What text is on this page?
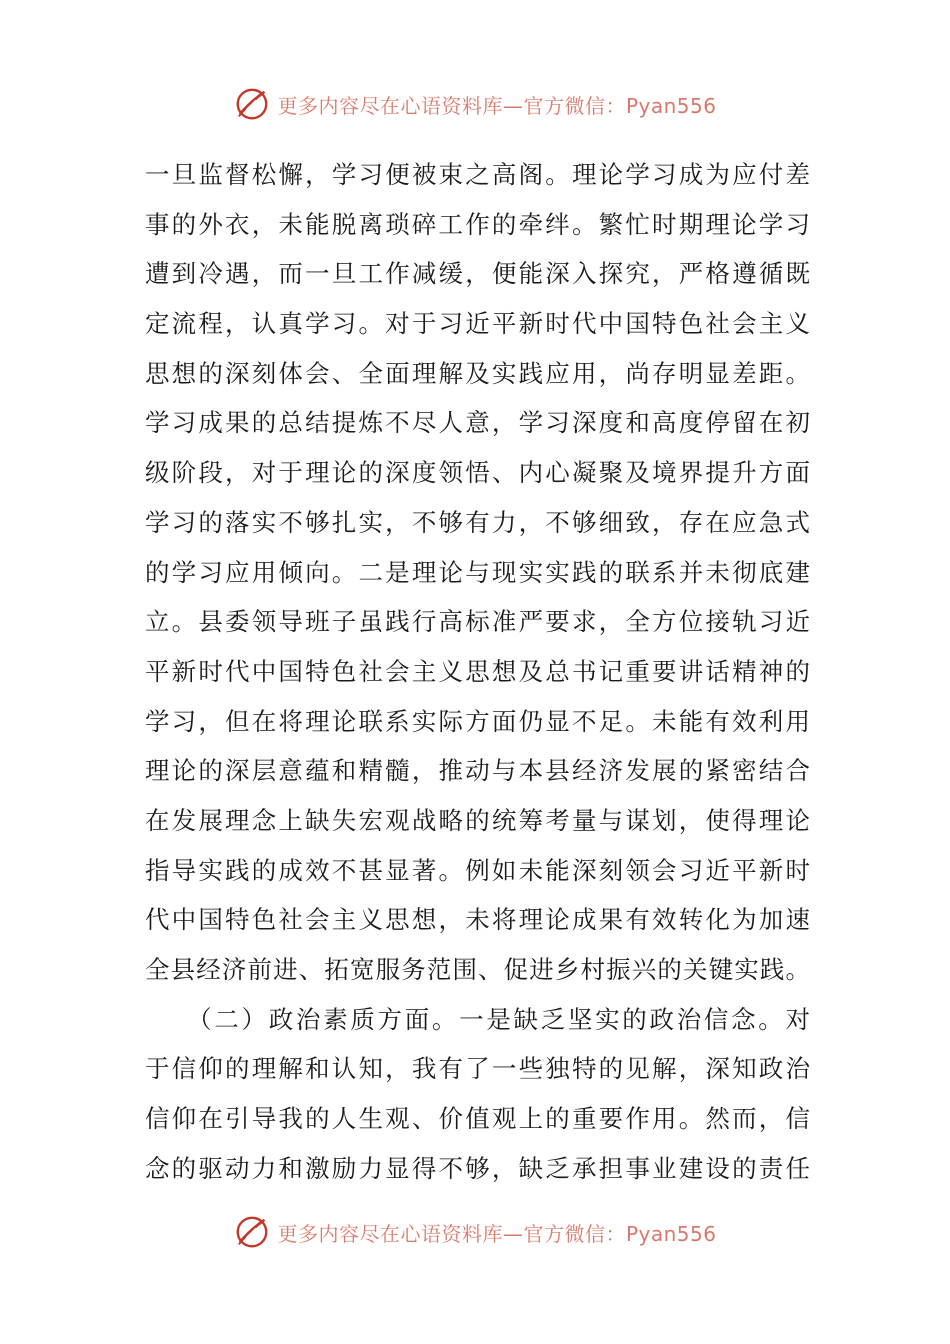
更多内容尽在心语资料库—官方微信：Pyan556
一旦监督松懈，学习便被束之高阁。理论学习成为应付差
事的外衣，未能脱离琐碎工作的牵绊。繁忙时期理论学习
遭到冷遇，而一旦工作减缓，便能深入探究，严格遵循既
定流程，认真学习。对于习近平新时代中国特色社会主义
思想的深刻体会、全面理解及实践应用，尚存明显差距。
学习成果的总结提炼不尽人意，学习深度和高度停留在初
级阶段，对于理论的深度领悟、内心凝聚及境界提升方面
学习的落实不够扎实，不够有力，不够细致，存在应急式
的学习应用倾向。二是理论与现实实践的联系并未彻底建
立。县委领导班子虽践行高标准严要求，全方位接轨习近
平新时代中国特色社会主义思想及总书记重要讲话精神的
学习，但在将理论联系实际方面仍显不足。未能有效利用
理论的深层意蕴和精髓，推动与本县经济发展的紧密结合
在发展理念上缺失宏观战略的统筹考量与谋划，使得理论
指导实践的成效不甚显著。例如未能深刻领会习近平新时
代中国特色社会主义思想，未将理论成果有效转化为加速
全县经济前进、拓宽服务范围、促进乡村振兴的关键实践。
　　（二）政治素质方面。一是缺乏坚实的政治信念。对
于信仰的理解和认知，我有了一些独特的见解，深知政治
信仰在引导我的人生观、价值观上的重要作用。然而，信
念的驱动力和激励力显得不够，缺乏承担事业建设的责任
更多内容尽在心语资料库—官方微信：Pyan556
